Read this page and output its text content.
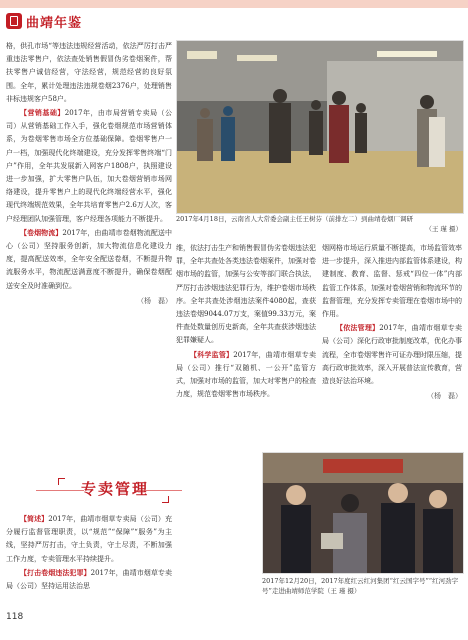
曲靖年鉴

格，供孔市场“等违法违规经营活动，依法严厉打击严重违法零售户，依法查处销售假冒伪劣卷烟案件，帮扶零售户诚信经营，守法经营，规范经营的良好氛围。全年，累计处理违法违规卷烟2376户，处理销售非标违规客户58户。

【营销基础】2017年，由市局营销专卖局（公司）从营销基础工作入手，强化卷烟规范市场营销体系，为卷烟零售市场全方位基础保障。卷烟零售户一户一档，加强现代化终端建设，充分发挥零售终端“门户”作用，全年共发展新入网客户1808户，执照建设进一步加强，扩大零售户队伍，加大卷烟营销市场网络建设，提升零售户上的现代化终端经营水平，强化现代终端规范效果，全年共培育零售户2.6万人次，客户经理团队加强管理，客户经理各项能力不断提升。

【卷烟物流】2017年，由曲靖市卷烟物流配送中心（公司）坚持服务创新，加大物流信息化建设力度，提高配送效率，全年安全配送卷烟，不断提升物流服务水平，物流配送满意度不断提升，确保卷烟配送安全及时准确到位。

（杨　磊）
专卖管理

【简述】2017年，曲靖市烟草专卖局（公司）充分履行监督管理职责，以“规范”“保障”“服务”为主线，坚持严厉打击，守土负责，守土尽责，不断加强工作力度，专卖管理水平持续提升。

【打击卷烟违法犯罪】2017年，曲靖市烟草专卖局（公司）坚持运用法治思

2017年4月18日，云南省人大常委会副主任王树芬（前排左二）到曲靖卷烟厂调研
（王 瑾 摄）

维，依法打击生产和销售假冒伪劣卷烟违法犯罪，全年共查处各类违法卷烟案件，加强对卷烟市场的监管，加强与公安等部门联合执法，严厉打击涉烟违法犯罪行为，维护卷烟市场秩序。全年共查处涉烟违法案件4080起，查获违法卷烟9044.07万支，案值99.33万元，案件查处数量创历史新高，全年共查获涉烟违法犯罪嫌疑人。

【科学监管】2017年，曲靖市烟草专卖局（公司）推行“双随机、一公开”监管方式，加强对市场的监管，加大对零售户的检查力度，规范卷烟零售市场秩序。

烟网格市场运行质量不断提高，市场监管效率进一步提升，深入推进内部监管体系建设，构建制度、教育、监督、惩戒“四位一体”内部监管工作体系，加强对卷烟营销和物流环节的监督管理，充分发挥专卖管理在卷烟市场中的作用。

【依法管理】2017年，曲靖市烟草专卖局（公司）深化行政审批制度改革，优化办事流程，全市卷烟零售许可证办理时限压缩，提高行政审批效率，深入开展普法宣传教育，营造良好法治环境。

（杨　磊）
2017年12月20日，2017年度红云红河集团“红云国字号”“红河劲字号”走进曲靖师范学院（王 瑾 摄）
118
